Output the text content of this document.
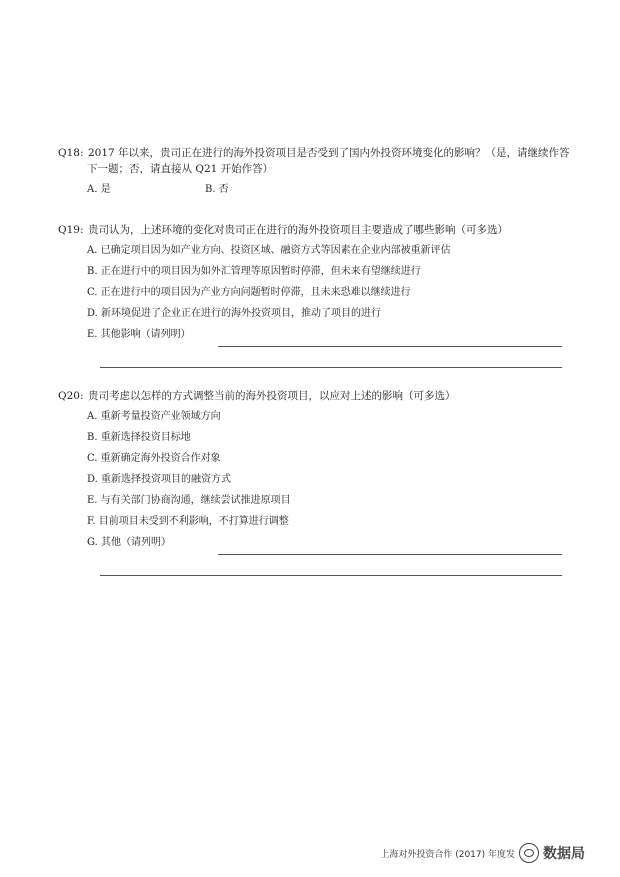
Q18: 2017 年以来，贵司正在进行的海外投资项目是否受到了国内外投资环境变化的影响？（是，请继续作答
下一题；否，请直接从 Q21 开始作答）
A. 是	B. 否
Q19: 贵司认为，上述环境的变化对贵司正在进行的海外投资项目主要造成了哪些影响（可多选）
A. 已确定项目因为如产业方向、投资区域、融资方式等因素在企业内部被重新评估
B. 正在进行中的项目因为如外汇管理等原因暂时停滞，但未来有望继续进行
C. 正在进行中的项目因为产业方向问题暂时停滞，且未来恐难以继续进行
D. 新环境促进了企业正在进行的海外投资项目，推动了项目的进行
E. 其他影响（请列明）
Q20: 贵司考虑以怎样的方式调整当前的海外投资项目，以应对上述的影响（可多选）
A. 重新考量投资产业领域方向
B. 重新选择投资目标地
C. 重新确定海外投资合作对象
D. 重新选择投资项目的融资方式
E. 与有关部门协商沟通，继续尝试推进原项目
F. 目前项目未受到不利影响，不打算进行调整
G. 其他（请列明）
上海对外投资合作 (2017) 年度发 数据局
